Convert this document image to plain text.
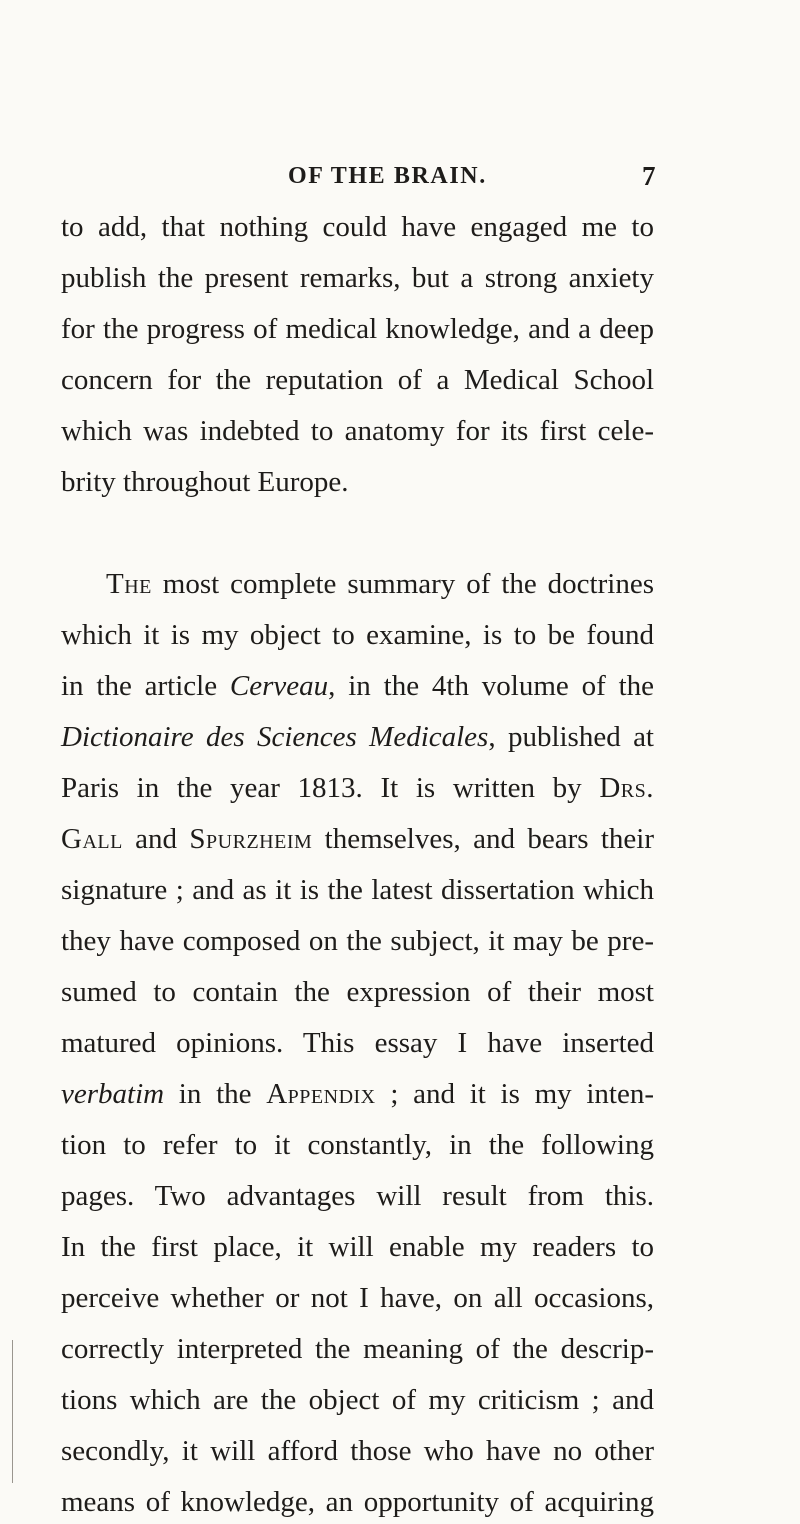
OF THE BRAIN.	7
to add, that nothing could have engaged me to
publish the present remarks, but a strong anxiety
for the progress of medical knowledge, and a deep
concern for the reputation of a Medical School
which was indebted to anatomy for its first cele-
brity throughout Europe.
The most complete summary of the doctrines
which it is my object to examine, is to be found
in the article Cerveau, in the 4th volume of the
Dictionaire des Sciences Medicales, published at
Paris in the year 1813. It is written by Drs.
Gall and Spurzheim themselves, and bears their
signature ; and as it is the latest dissertation which
they have composed on the subject, it may be pre-
sumed to contain the expression of their most
matured opinions. This essay I have inserted
verbatim in the Appendix ; and it is my inten-
tion to refer to it constantly, in the following
pages. Two advantages will result from this.
In the first place, it will enable my readers to
perceive whether or not I have, on all occasions,
correctly interpreted the meaning of the descrip-
tions which are the object of my criticism ; and
secondly, it will afford those who have no other
means of knowledge, an opportunity of acquiring
